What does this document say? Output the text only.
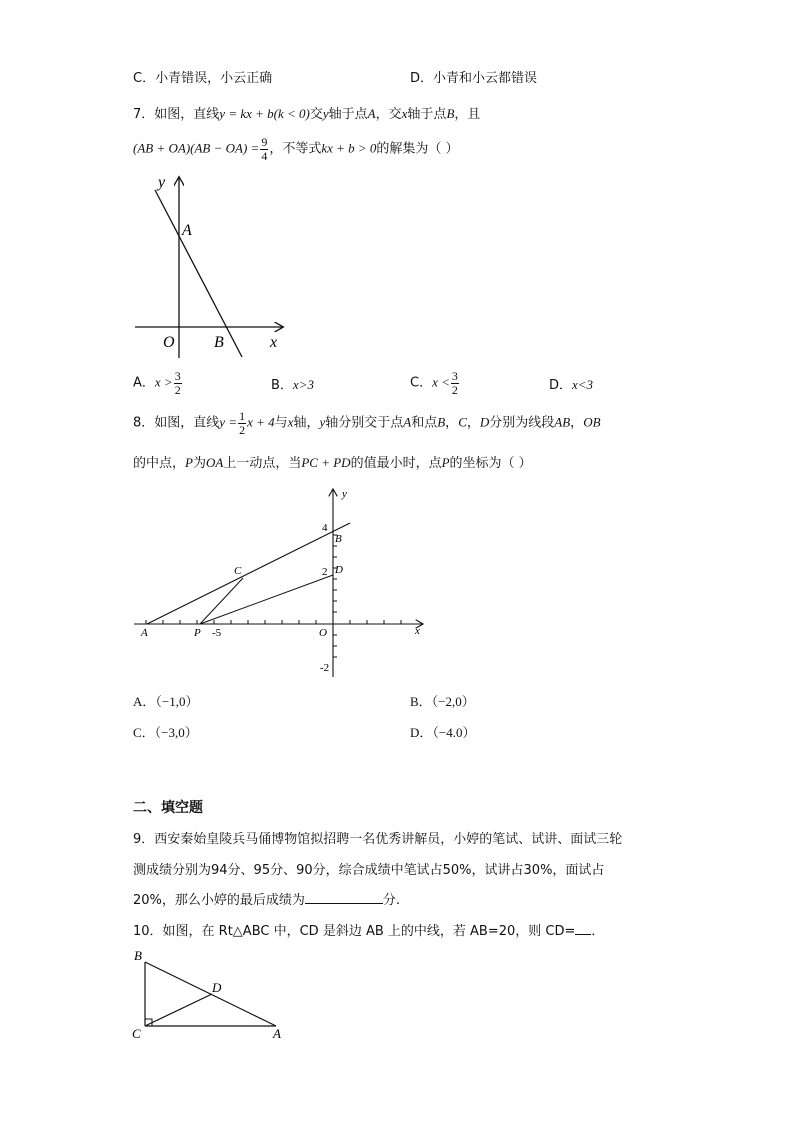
C．小青错误，小云正确	D．小青和小云都错误
7．如图，直线y = kx + b(k < 0)交y轴于点A，交x轴于点B，且
$(AB + OA)(AB - OA) = \frac{9}{4}$ ，不等式kx + b > 0的解集为（ ）
y
x
O
A
B
A．$x > \frac{3}{2}$	B．x>3	C．$x < \frac{3}{2}$	D．x<3
8．如图，直线$y = \frac{1}{2}$ x + 4与x轴，y轴分别交于点A和点B，C，D分别为线段AB，OB
的中点，P为OA上一动点，当PC + PD的值最小时，点P的坐标为（ ）
y
x
O
A
B
C	D
P
4
2
-2
-5
A．（−1,0）	B．（−2,0）
C．（−3,0）	D．（−4.0）
二、填空题
9．西安秦始皇陵兵马俑博物馆拟招聘一名优秀讲解员，小婷的笔试、试讲、面试三轮
测成绩分别为94分、95分、90分，综合成绩中笔试占50%，试讲占30%，面试占
20%，那么小婷的最后成绩为	分.
10．如图，在 Rt△ABC 中，CD 是斜边 AB 上的中线，若 AB=20，则 CD= ．
B
C
D
A
